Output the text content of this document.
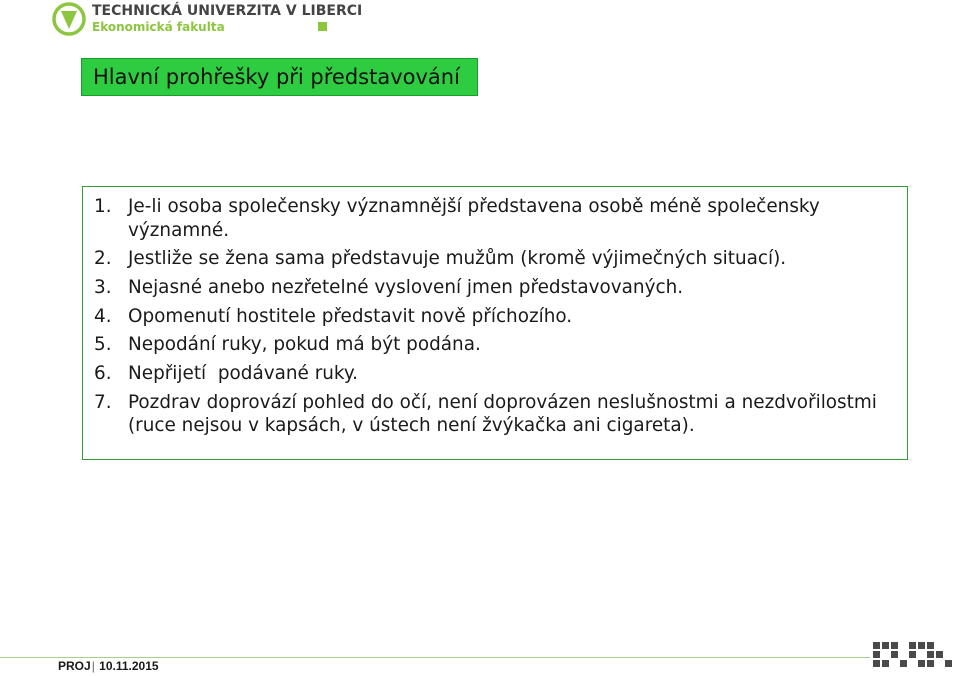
TECHNICKÁ UNIVERZITA V LIBERCI
Ekonomická fakulta
Hlavní prohřešky při představování
1. Je-li osoba společensky významnější představena osobě méně společensky významné.
2. Jestliže se žena sama představuje mužům (kromě výjimečných situací).
3. Nejasné anebo nezřetelné vyslovení jmen představovaných.
4. Opomenutí hostitele představit nově příchozího.
5. Nepodání ruky, pokud má být podána.
6. Nepřijetí  podávané ruky.
7. Pozdrav doprovází pohled do očí, není doprovázen neslušnostmi a nezdvořilostmi (ruce nejsou v kapsách, v ústech není žvýkačka ani cigareta).
PROJ| 10.11.2015
